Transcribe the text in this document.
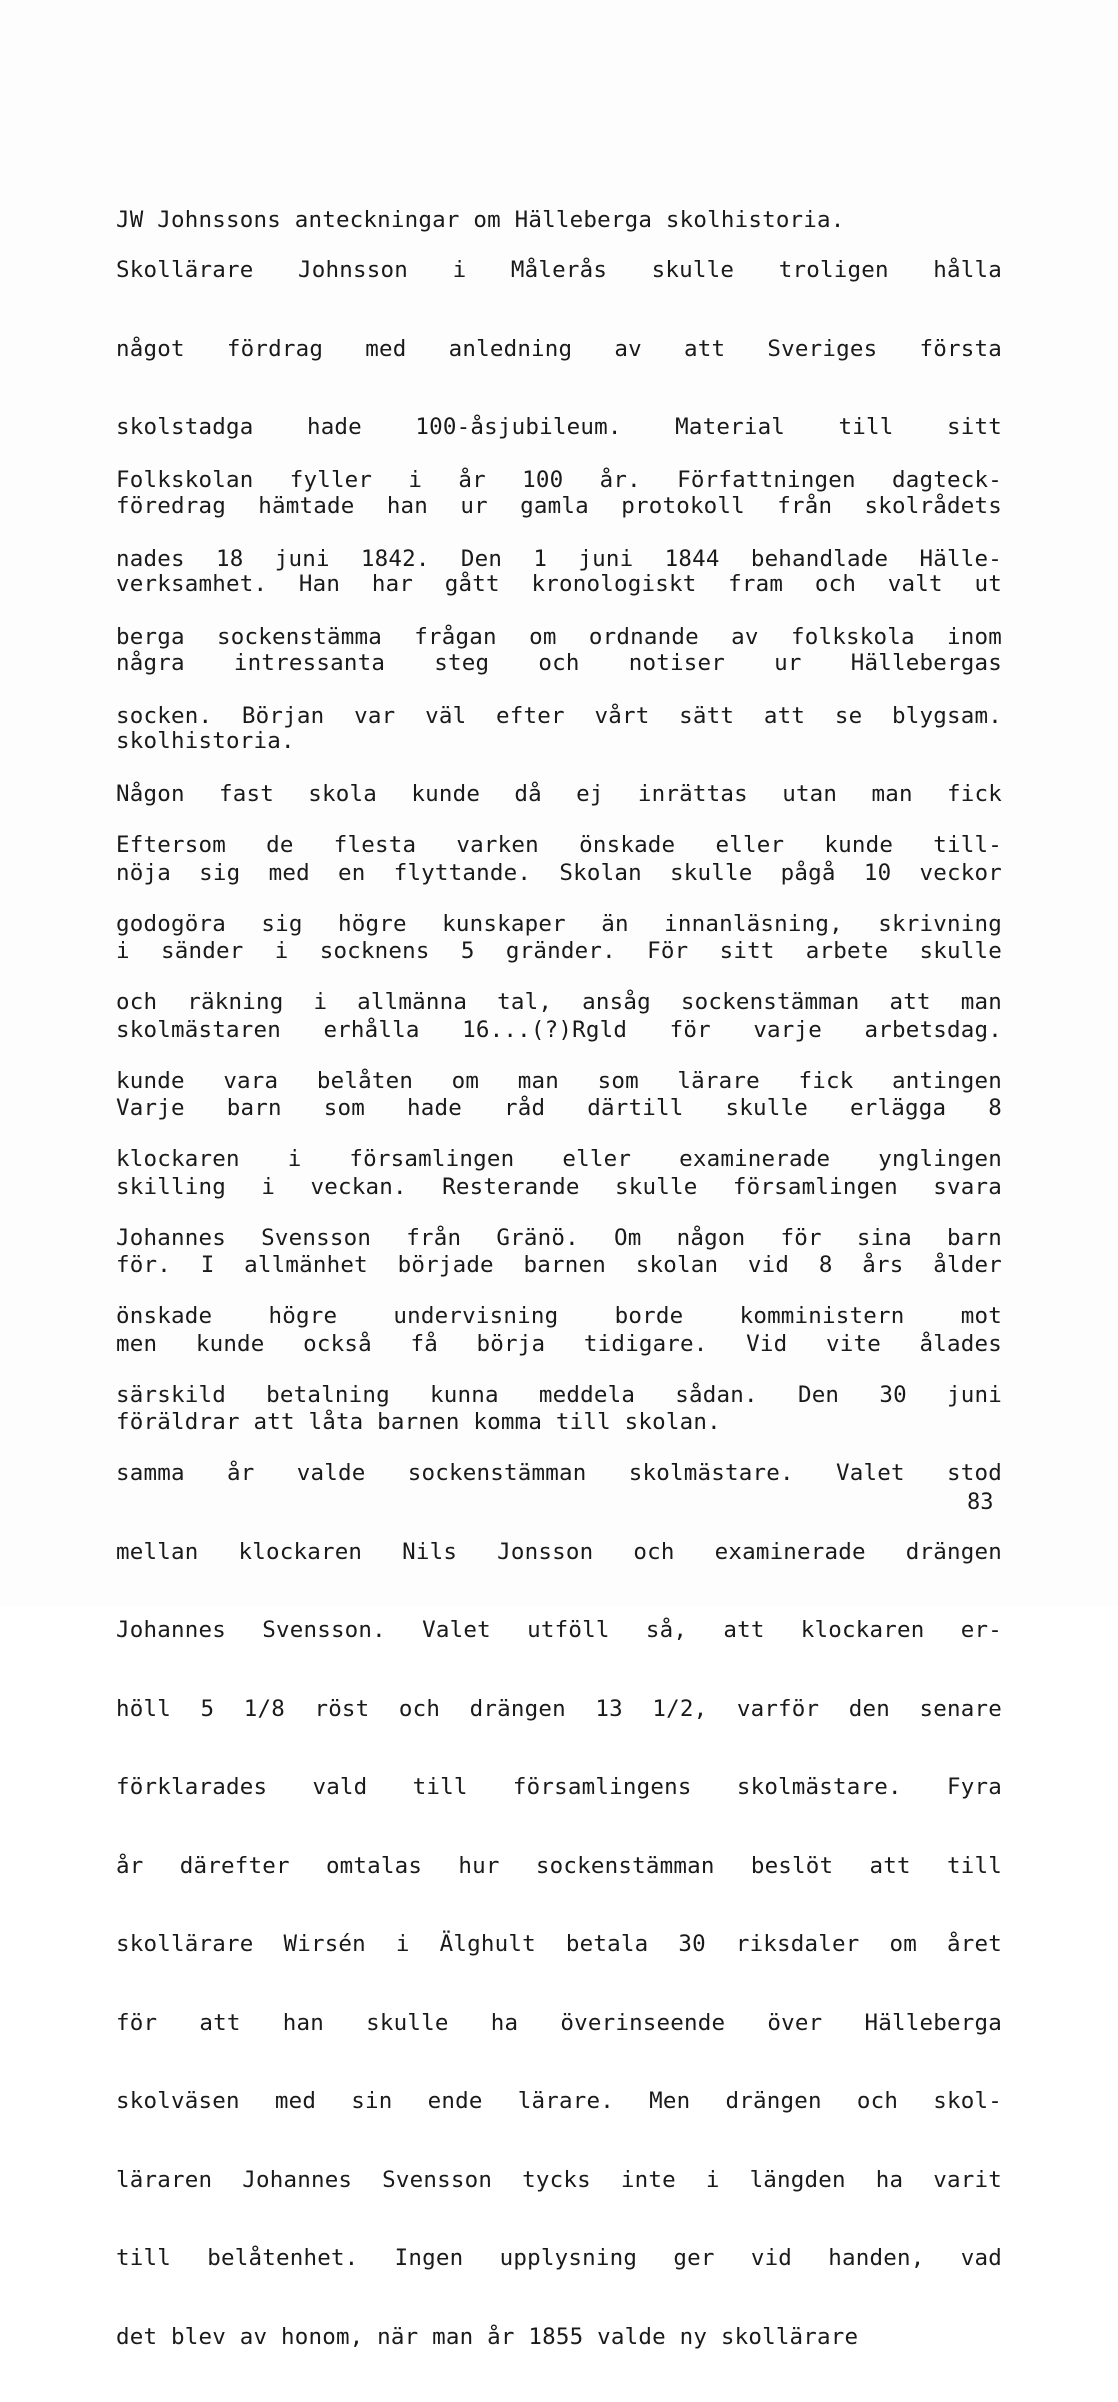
JW Johnssons anteckningar om Hälleberga skolhistoria.

Skollärare Johnsson i Målerås skulle troligen hålla

något fördrag med anledning av att Sveriges första

skolstadga hade 100-åsjubileum. Material till sitt

föredrag hämtade han ur gamla protokoll från skolrådets

verksamhet. Han har gått kronologiskt fram och valt ut

några intressanta steg och notiser ur Hällebergas

skolhistoria.

Folkskolan fyller i år 100 år. Författningen dagteck-

nades 18 juni 1842. Den 1 juni 1844 behandlade Hälle-

berga sockenstämma frågan om ordnande av folkskola inom

socken. Början var väl efter vårt sätt att se blygsam.

Någon fast skola kunde då ej inrättas utan man fick

nöja sig med en flyttande. Skolan skulle pågå 10 veckor

i sänder i socknens 5 gränder. För sitt arbete skulle

skolmästaren erhålla 16...(?)Rgld för varje arbetsdag.

Varje barn som hade råd därtill skulle erlägga 8

skilling i veckan. Resterande skulle församlingen svara

för. I allmänhet började barnen skolan vid 8 års ålder

men kunde också få börja tidigare. Vid vite ålades

föräldrar att låta barnen komma till skolan.

Eftersom de flesta varken önskade eller kunde till-

godogöra sig högre kunskaper än innanläsning, skrivning

och räkning i allmänna tal, ansåg sockenstämman att man

kunde vara belåten om man som lärare fick antingen

klockaren i församlingen eller examinerade ynglingen

Johannes Svensson från Gränö. Om någon för sina barn

önskade högre undervisning borde komministern mot

särskild betalning kunna meddela sådan. Den 30 juni

samma år valde sockenstämman skolmästare. Valet stod

mellan klockaren Nils Jonsson och examinerade drängen

Johannes Svensson. Valet utföll så, att klockaren er-

höll 5 1/8 röst och drängen 13 1/2, varför den senare

förklarades vald till församlingens skolmästare. Fyra

år därefter omtalas hur sockenstämman beslöt att till

skollärare Wirsén i Älghult betala 30 riksdaler om året

för att han skulle ha överinseende över Hälleberga

skolväsen med sin ende lärare. Men drängen och skol-

läraren Johannes Svensson tycks inte i längden ha varit

till belåtenhet. Ingen upplysning ger vid handen, vad

det blev av honom, när man år 1855 valde ny skollärare

83
